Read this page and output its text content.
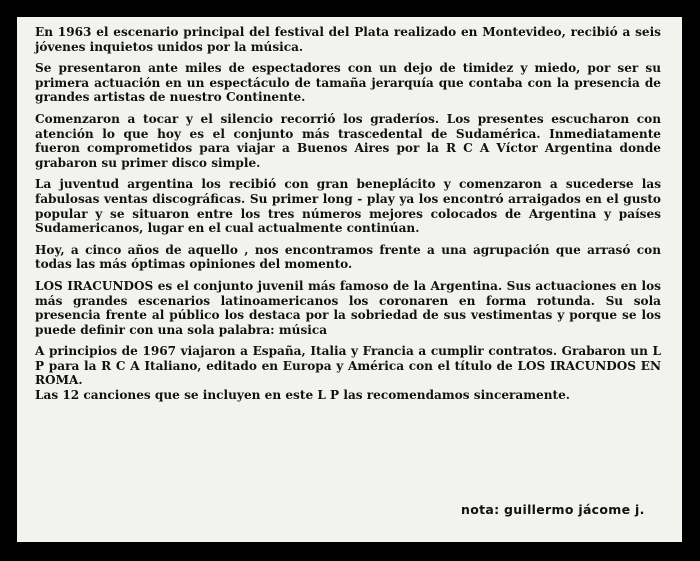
En 1963 el escenario principal del festival del Plata realizado en Montevideo, recibió a seis jóvenes inquietos unidos por la música.

Se presentaron ante miles de espectadores con un dejo de timidez y miedo, por ser su primera actuación en un espectáculo de tamaña jerarquía que contaba con la presencia de grandes artistas de nuestro Continente.

Comenzaron a tocar y el silencio recorrió los graderíos. Los presentes escucharon con atención lo que hoy es el conjunto más trascedental de Sudamérica. Inmediatamente fueron comprometidos para viajar a Buenos Aires por la R C A Víctor Argentina donde grabaron su primer disco simple.

La juventud argentina los recibió con gran beneplácito y comenzaron a sucederse las fabulosas ventas discográficas. Su primer long - play ya los encontró arraigados en el gusto popular y se situaron entre los tres números mejores colocados de Argentina y países Sudamericanos, lugar en el cual actualmente continúan.

Hoy, a cinco años de aquello , nos encontramos frente a una agrupación que arrasó con todas las más óptimas opiniones del momento.

LOS IRACUNDOS es el conjunto juvenil más famoso de la Argentina. Sus actuaciones en los más grandes escenarios latinoamericanos los coronaren en forma rotunda. Su sola presencia frente al público los destaca por la sobriedad de sus vestimentas y porque se los puede definir con una sola palabra: música

A principios de 1967 viajaron a España, Italia y Francia a cumplir contratos. Grabaron un L P para la R C A Italiano, editado en Europa y América con el título de LOS IRACUNDOS EN ROMA.

Las 12 canciones que se incluyen en este L P las recomendamos sinceramente.

nota: guillermo jácome j.
